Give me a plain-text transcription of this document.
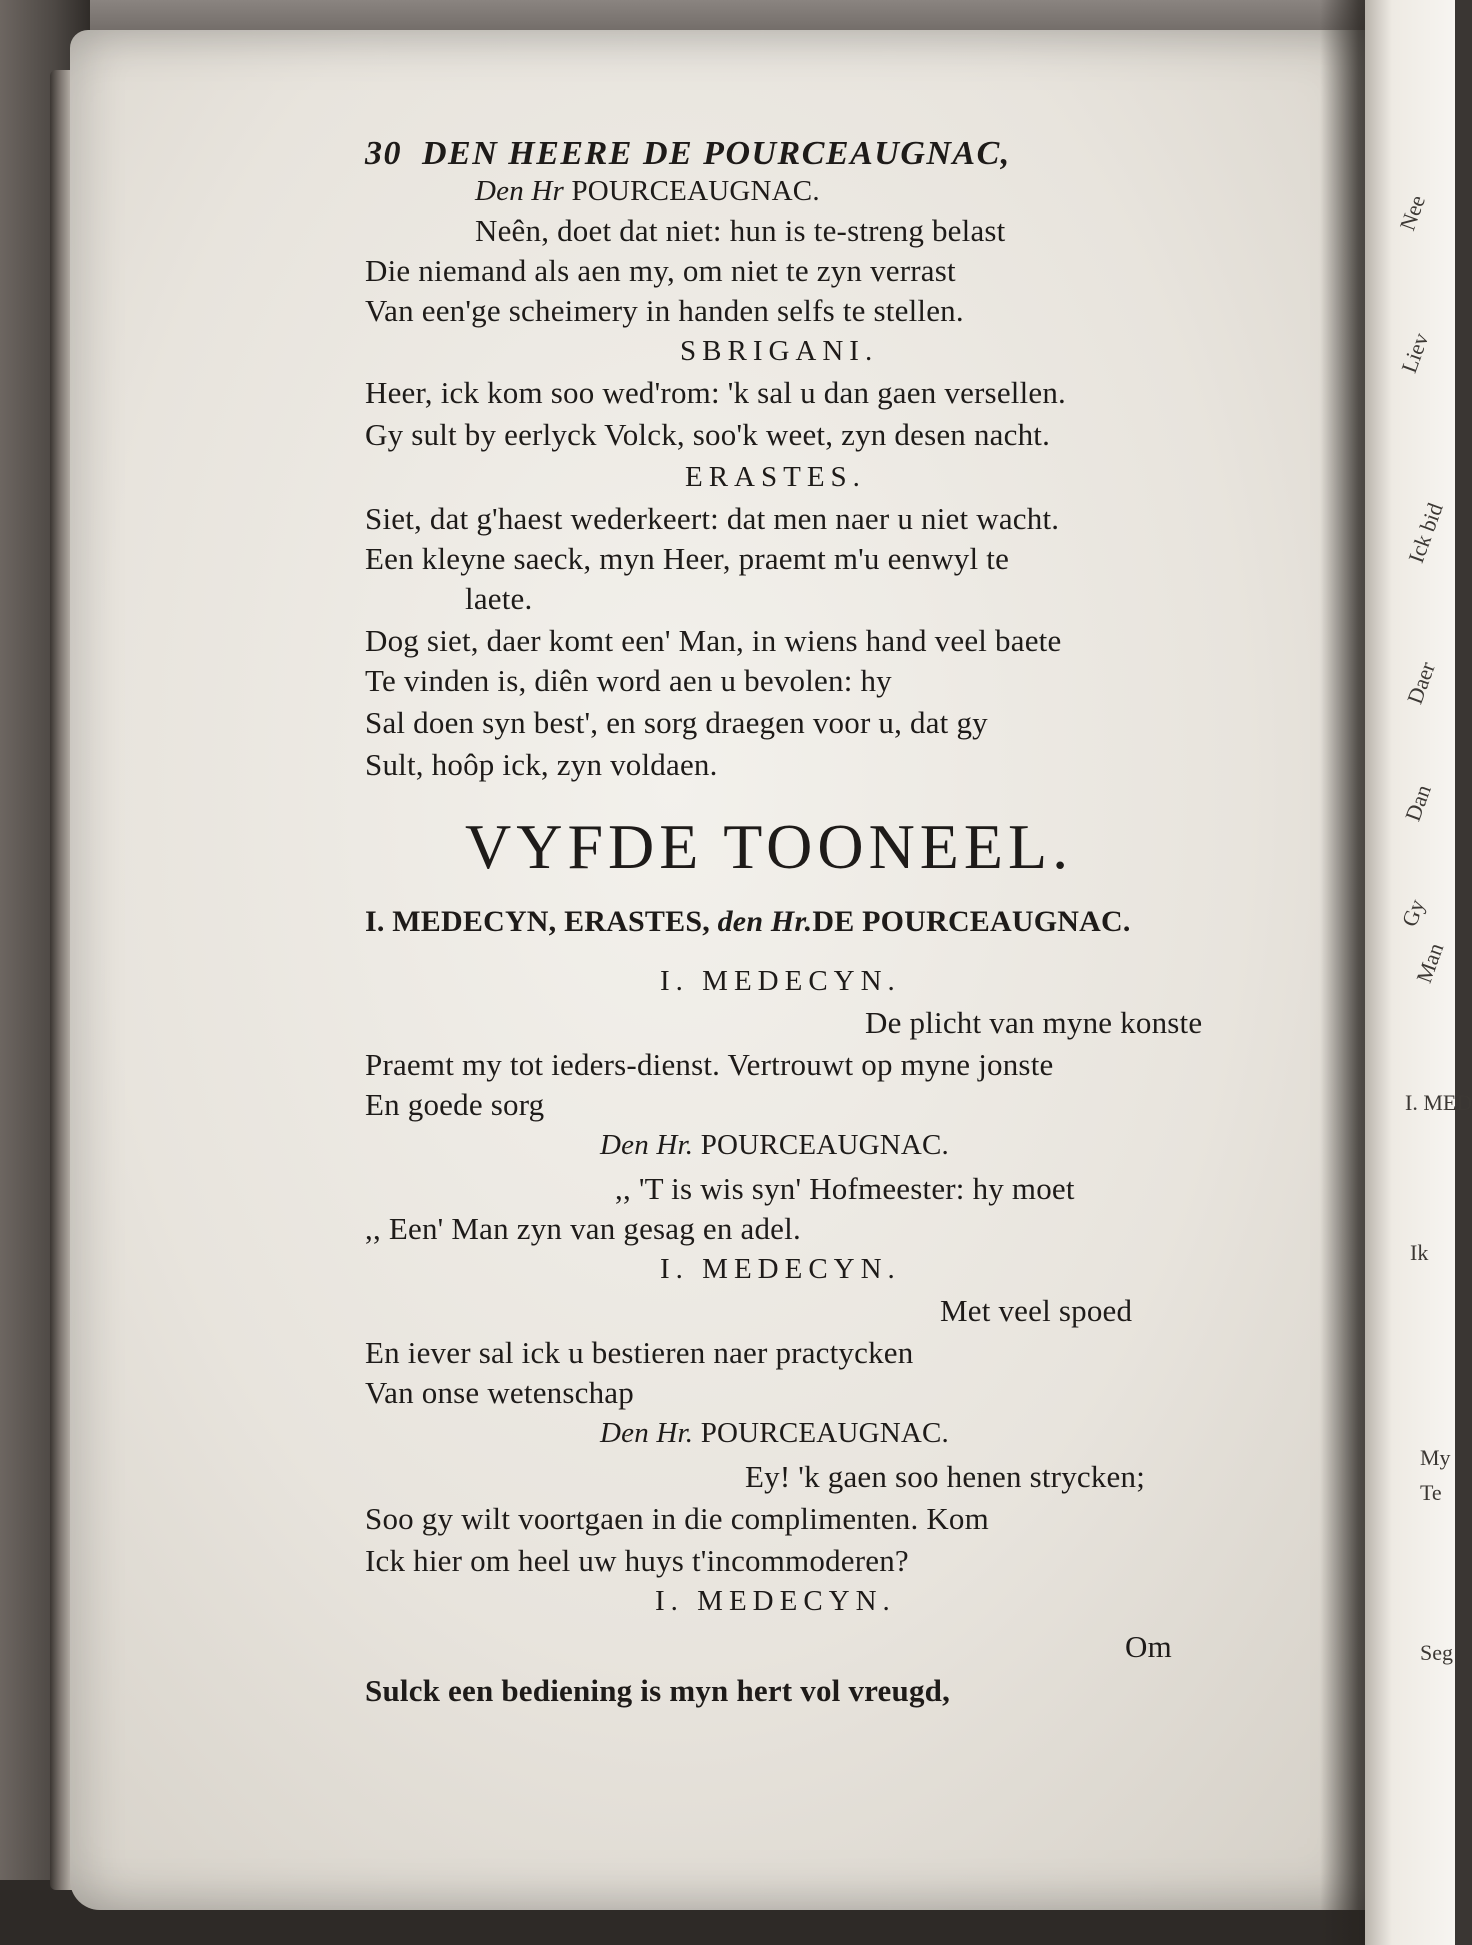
30 DEN HEERE DE POURCEAUGNAC,
Den Hr POURCEAUGNAC.
Neên, doet dat niet: hun is te-streng belast
Die niemand als aen my, om niet te zyn verrast
Van een'ge scheimery in handen selfs te stellen.
SBRIGANI.
Heer, ick kom soo wed'rom: 'k sal u dan gaen versellen.
Gy sult by eerlyck Volck, soo'k weet, zyn desen nacht.
ERASTES.
Siet, dat g'haest wederkeert: dat men naer u niet wacht.
Een kleyne saeck, myn Heer, praemt m'u eenwyl te
laete.
Dog siet, daer komt een' Man, in wiens hand veel baete
Te vinden is, diên word aen u bevolen: hy
Sal doen syn best', en sorg draegen voor u, dat gy
Sult, hoôp ick, zyn voldaen.
VYFDE TOONEEL.
I. MEDECYN, ERASTES, den Hr.DE POURCEAUGNAC.
I. MEDECYN.
De plicht van myne konste
Praemt my tot ieders-dienst. Vertrouwt op myne jonste
En goede sorg
Den Hr. POURCEAUGNAC.
,, 'T is wis syn' Hofmeester: hy moet
,, Een' Man zyn van gesag en adel.
I. MEDECYN.
Met veel spoed
En iever sal ick u bestieren naer practycken
Van onse wetenschap
Den Hr. POURCEAUGNAC.
Ey! 'k gaen soo henen strycken;
Soo gy wilt voortgaen in die complimenten. Kom
Ick hier om heel uw huys t'incommoderen?
I. MEDECYN.
Om
Sulck een bediening is myn hert vol vreugd,
Nee
Liev
Ick bid
Daer
Dan
Gy
Man
I. MED
Ik
My
Te
Seg
